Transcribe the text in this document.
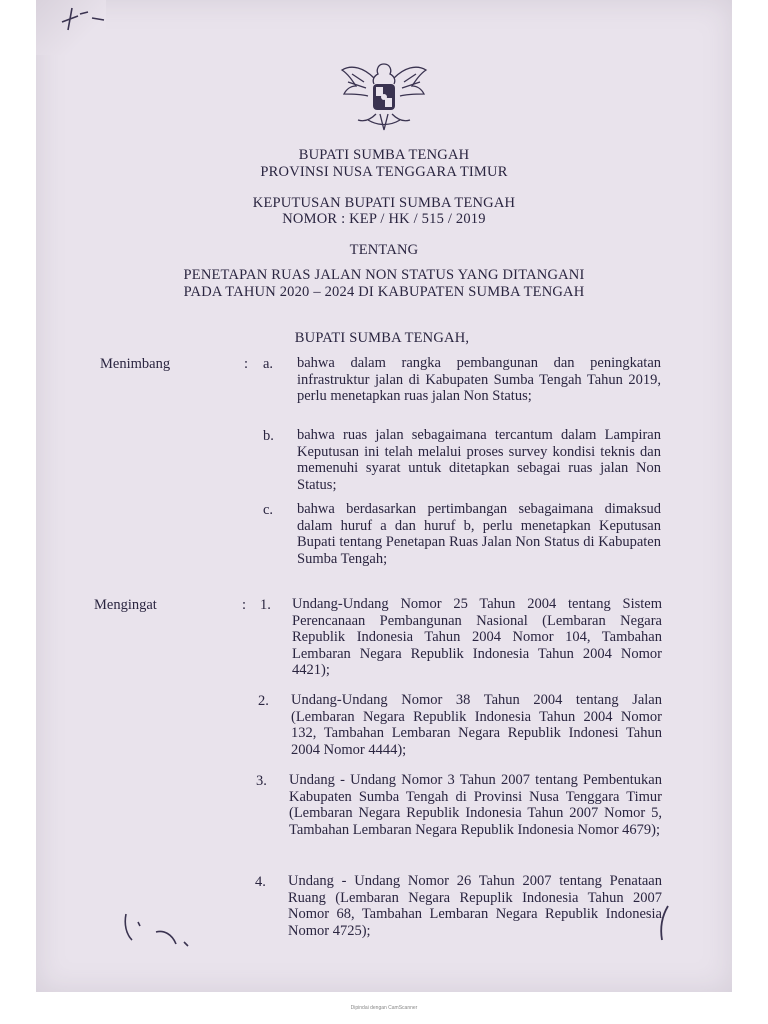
BUPATI SUMBA TENGAH
PROVINSI NUSA TENGGARA TIMUR
KEPUTUSAN BUPATI SUMBA TENGAH
NOMOR : KEP / HK / 515 / 2019
TENTANG
PENETAPAN RUAS JALAN NON STATUS YANG DITANGANI
PADA TAHUN 2020 – 2024 DI KABUPATEN SUMBA TENGAH
BUPATI SUMBA TENGAH,
Menimbang	: a. bahwa dalam rangka pembangunan dan peningkatan infrastruktur jalan di Kabupaten Sumba Tengah Tahun 2019, perlu menetapkan ruas jalan Non Status;

b. bahwa ruas jalan sebagaimana tercantum dalam Lampiran Keputusan ini telah melalui proses survey kondisi teknis dan memenuhi syarat untuk ditetapkan sebagai ruas jalan Non Status;

c. bahwa berdasarkan pertimbangan sebagaimana dimaksud dalam huruf a dan huruf b, perlu menetapkan Keputusan Bupati tentang Penetapan Ruas Jalan Non Status di Kabupaten Sumba Tengah;

Mengingat	: 1. Undang-Undang Nomor 25 Tahun 2004 tentang Sistem Perencanaan Pembangunan Nasional (Lembaran Negara Republik Indonesia Tahun 2004 Nomor 104, Tambahan Lembaran Negara Republik Indonesia Tahun 2004 Nomor 4421);

2. Undang-Undang Nomor 38 Tahun 2004 tentang Jalan (Lembaran Negara Republik Indonesia Tahun 2004 Nomor 132, Tambahan Lembaran Negara Republik Indonesi Tahun 2004 Nomor 4444);

3. Undang - Undang Nomor 3 Tahun 2007 tentang Pembentukan Kabupaten Sumba Tengah di Provinsi Nusa Tenggara Timur (Lembaran Negara Republik Indonesia Tahun 2007 Nomor 5, Tambahan Lembaran Negara Republik Indonesia Nomor 4679);

4. Undang - Undang Nomor 26 Tahun 2007 tentang Penataan Ruang (Lembaran Negara Repuplik Indonesia Tahun 2007 Nomor 68, Tambahan Lembaran Negara Republik Indonesia Nomor 4725);

Dipindai dengan CamScanner
